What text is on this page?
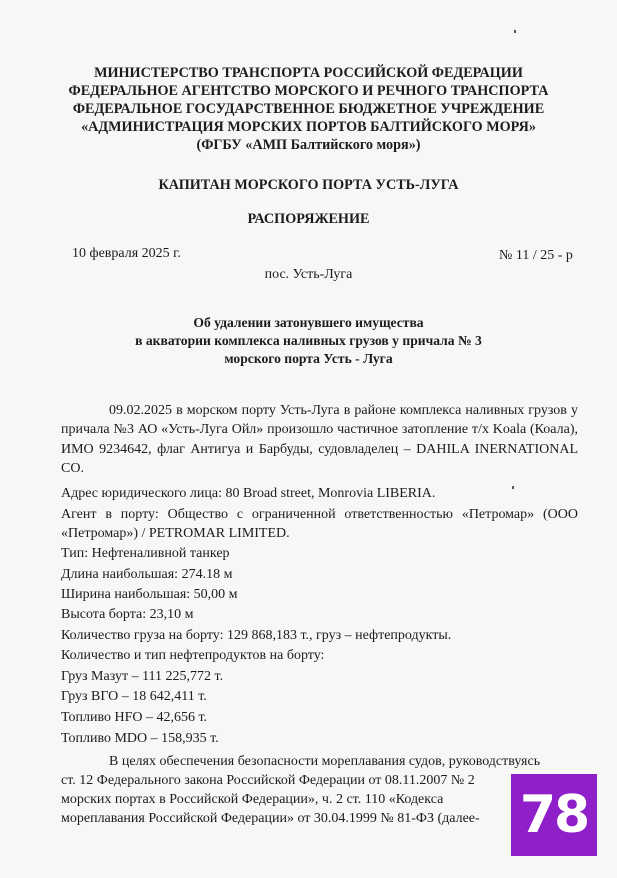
МИНИСТЕРСТВО ТРАНСПОРТА РОССИЙСКОЙ ФЕДЕРАЦИИ
ФЕДЕРАЛЬНОЕ АГЕНТСТВО МОРСКОГО И РЕЧНОГО ТРАНСПОРТА
ФЕДЕРАЛЬНОЕ ГОСУДАРСТВЕННОЕ БЮДЖЕТНОЕ УЧРЕЖДЕНИЕ
«АДМИНИСТРАЦИЯ МОРСКИХ ПОРТОВ БАЛТИЙСКОГО МОРЯ»
(ФГБУ «АМП Балтийского моря»)
КАПИТАН МОРСКОГО ПОРТА УСТЬ-ЛУГА
РАСПОРЯЖЕНИЕ
10 февраля 2025 г.	№ 11 / 25 - р
пос. Усть-Луга
Об удалении затонувшего имущества
в акватории комплекса наливных грузов у причала № 3
морского порта Усть - Луга
09.02.2025 в морском порту Усть-Луга в районе комплекса наливных грузов у причала №3 АО «Усть-Луга Ойл» произошло частичное затопление т/х Koala (Коала), ИМО 9234642, флаг Антигуа и Барбуды, судовладелец – DAHILA INERNATIONAL CO.
Адрес юридического лица: 80 Broad street, Monrovia LIBERIA.
Агент в порту: Общество с ограниченной ответственностью «Петромар» (ООО «Петромар») / PETROMAR LIMITED.
Тип: Нефтеналивной танкер
Длина наибольшая: 274.18 м
Ширина наибольшая: 50,00 м
Высота борта: 23,10 м
Количество груза на борту: 129 868,183 т., груз – нефтепродукты.
Количество и тип нефтепродуктов на борту:
Груз Мазут – 111 225,772 т.
Груз ВГО – 18 642,411 т.
Топливо HFO – 42,656 т.
Топливо MDO – 158,935 т.
В целях обеспечения безопасности мореплавания судов, руководствуясь
ст. 12 Федерального закона Российской Федерации от 08.11.2007 № 2
морских портах в Российской Федерации», ч. 2 ст. 110 «Кодекса
мореплавания Российской Федерации» от 30.04.1999 № 81-ФЗ (далее- 78
